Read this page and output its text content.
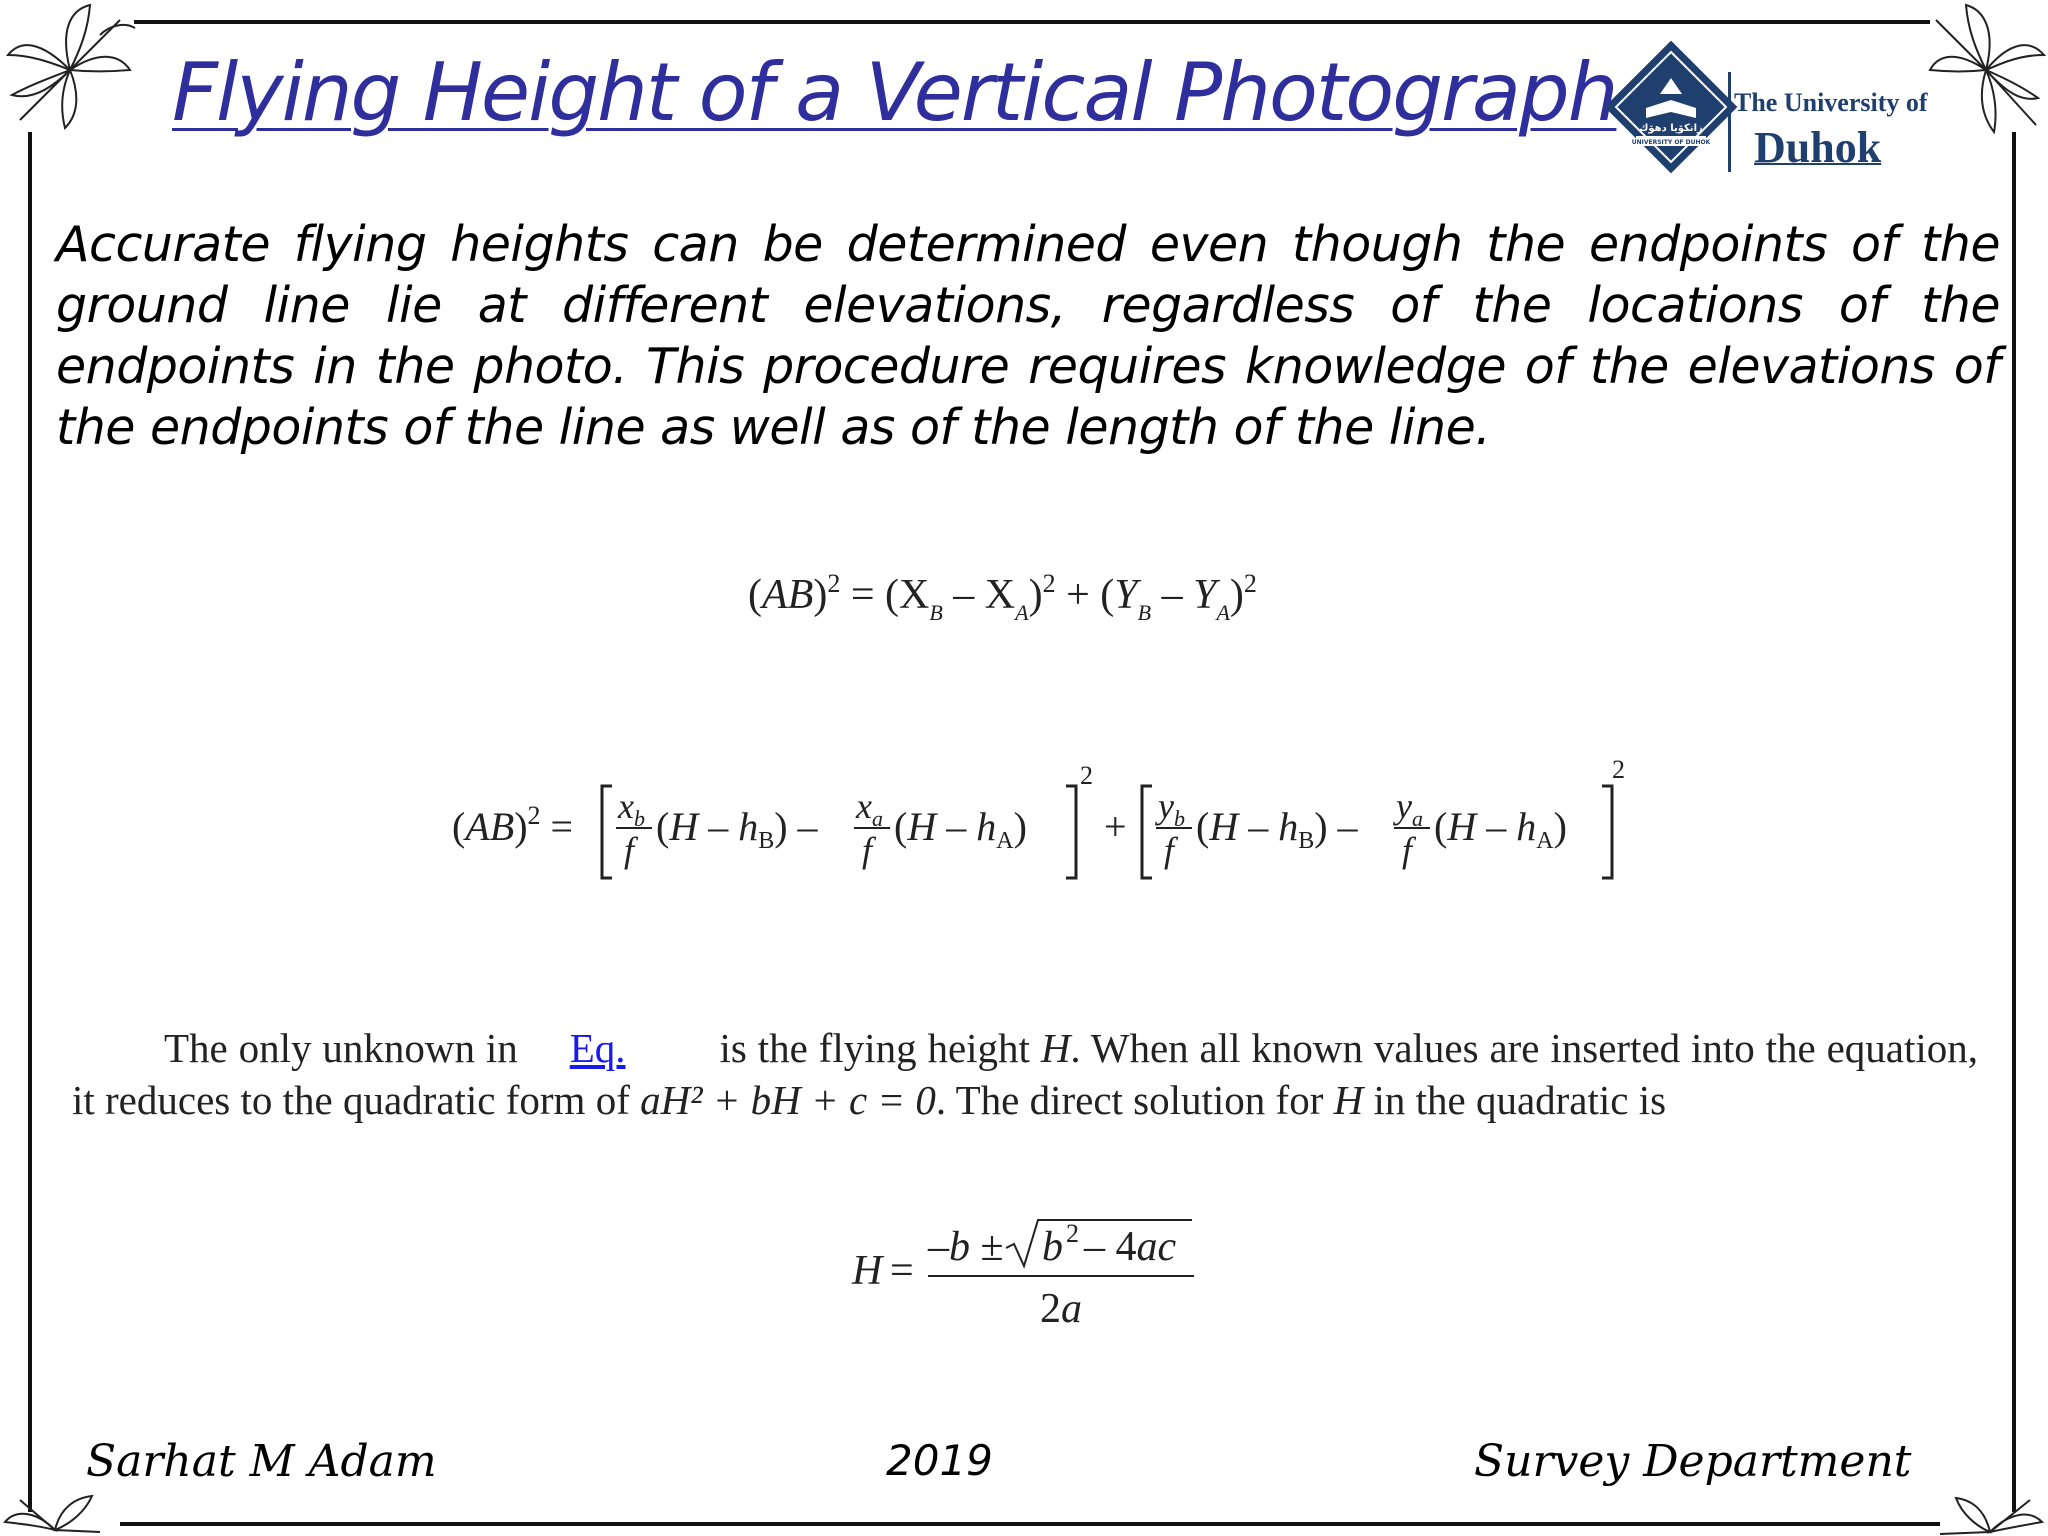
Flying Height of a Vertical Photograph
UNIVERSITY OF DUHOK
زانكۆیا دهۆك
The University of
Duhok

Accurate flying heights can be determined even though the endpoints of the ground line lie at different elevations, regardless of the locations of the endpoints in the photo. This procedure requires knowledge of the elevations of the endpoints of the line as well as of the length of the line.

$(AB)^2 = (X_B - X_A)^2 + (Y_B - Y_A)^2$
$(AB)^2 = x_b$
f
$(H - h_B) - x_a$
f
$(H - h_A)$
2
+ $y_b$
f
$(H - h_B) - y_a$
f
$(H - h_A)$
2

The only unknown in Eq. is the flying height H. When all known values are inserted into the equation, it reduces to the quadratic form of aH² + bH + c = 0. The direct solution for H in the quadratic is

H =
–b ± b 2 – 4ac
2a
Sarhat M Adam	2019	Survey Department
